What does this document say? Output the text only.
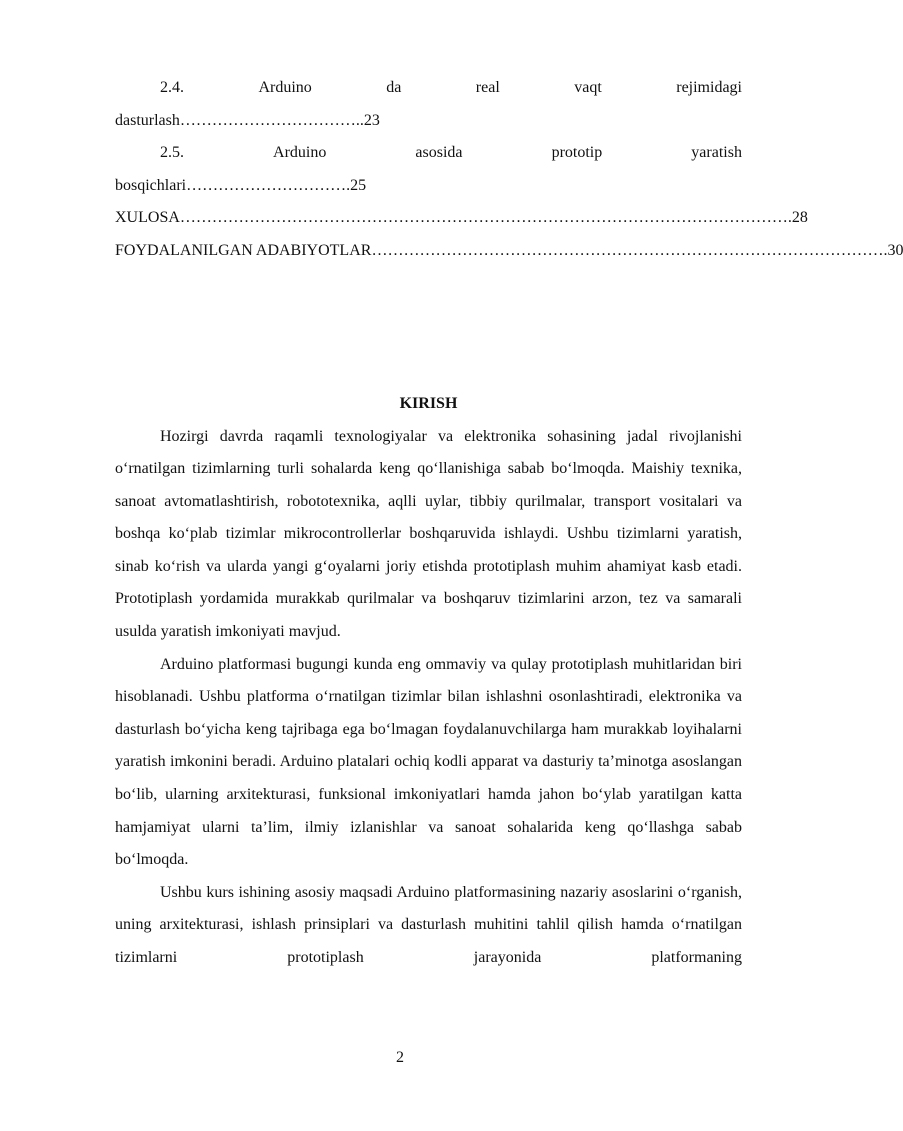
2.4.	Arduino	da	real	vaqt	rejimidagi
dasturlash……………………………..23
2.5.	Arduino	asosida	prototip	yaratish
bosqichlari………………………….25
XULOSA …………………………………………………………………………………………………… .28
FOYDALANILGAN ADABIYOTLAR …………………………………………………………………………………… .30
KIRISH

Hozirgi davrda raqamli texnologiyalar va elektronika sohasining jadal rivojlanishi o‘rnatilgan tizimlarning turli sohalarda keng qo‘llanishiga sabab bo‘lmoqda. Maishiy texnika, sanoat avtomatlashtirish, robototexnika, aqlli uylar, tibbiy qurilmalar, transport vositalari va boshqa ko‘plab tizimlar mikrocontrollerlar boshqaruvida ishlaydi. Ushbu tizimlarni yaratish, sinab ko‘rish va ularda yangi g‘oyalarni joriy etishda prototiplash muhim ahamiyat kasb etadi. Prototiplash yordamida murakkab qurilmalar va boshqaruv tizimlarini arzon, tez va samarali usulda yaratish imkoniyati mavjud.

Arduino platformasi bugungi kunda eng ommaviy va qulay prototiplash muhitlaridan biri hisoblanadi. Ushbu platforma o‘rnatilgan tizimlar bilan ishlashni osonlashtiradi, elektronika va dasturlash bo‘yicha keng tajribaga ega bo‘lmagan foydalanuvchilarga ham murakkab loyihalarni yaratish imkonini beradi. Arduino platalari ochiq kodli apparat va dasturiy ta’minotga asoslangan bo‘lib, ularning arxitekturasi, funksional imkoniyatlari hamda jahon bo‘ylab yaratilgan katta hamjamiyat ularni ta’lim, ilmiy izlanishlar va sanoat sohalarida keng qo‘llashga sabab bo‘lmoqda.

Ushbu kurs ishining asosiy maqsadi Arduino platformasining nazariy asoslarini o‘rganish, uning arxitekturasi, ishlash prinsiplari va dasturlash muhitini tahlil qilish hamda o‘rnatilgan tizimlarni prototiplash jarayonida platformaning

2
